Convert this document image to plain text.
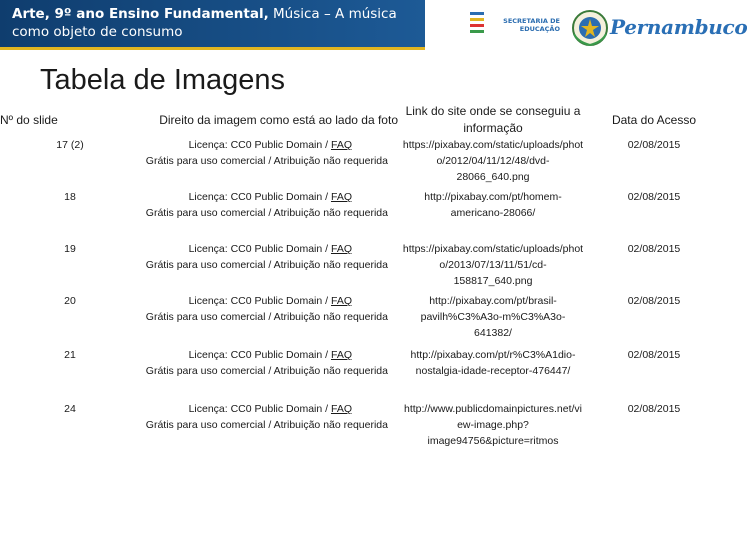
Arte, 9º ano Ensino Fundamental, Música – A música como objeto de consumo
SECRETARIA DE EDUCAÇÃO	Pernambuco
Tabela de Imagens
Nº do slide	Direito da imagem como está ao lado da foto	Link do site onde se conseguiu a informação	Data do Acesso
17 (2)	Licença: CC0 Public Domain / FAQ
Grátis para uso comercial / Atribuição não requerida	https://pixabay.com/static/uploads/photo/2012/04/11/12/48/dvd-28066_640.png	02/08/2015
18	Licença: CC0 Public Domain / FAQ
Grátis para uso comercial / Atribuição não requerida	http://pixabay.com/pt/homem-americano-28066/	02/08/2015
19	Licença: CC0 Public Domain / FAQ
Grátis para uso comercial / Atribuição não requerida	https://pixabay.com/static/uploads/photo/2013/07/13/11/51/cd-158817_640.png	02/08/2015
20	Licença: CC0 Public Domain / FAQ
Grátis para uso comercial / Atribuição não requerida	http://pixabay.com/pt/brasil-pavilh%C3%A3o-m%C3%A3o-641382/	02/08/2015
21	Licença: CC0 Public Domain / FAQ
Grátis para uso comercial / Atribuição não requerida	http://pixabay.com/pt/r%C3%A1dio-nostalgia-idade-receptor-476447/	02/08/2015
24	Licença: CC0 Public Domain / FAQ
Grátis para uso comercial / Atribuição não requerida	http://www.publicdomainpictures.net/view-image.php?image94756&picture=ritmos	02/08/2015
